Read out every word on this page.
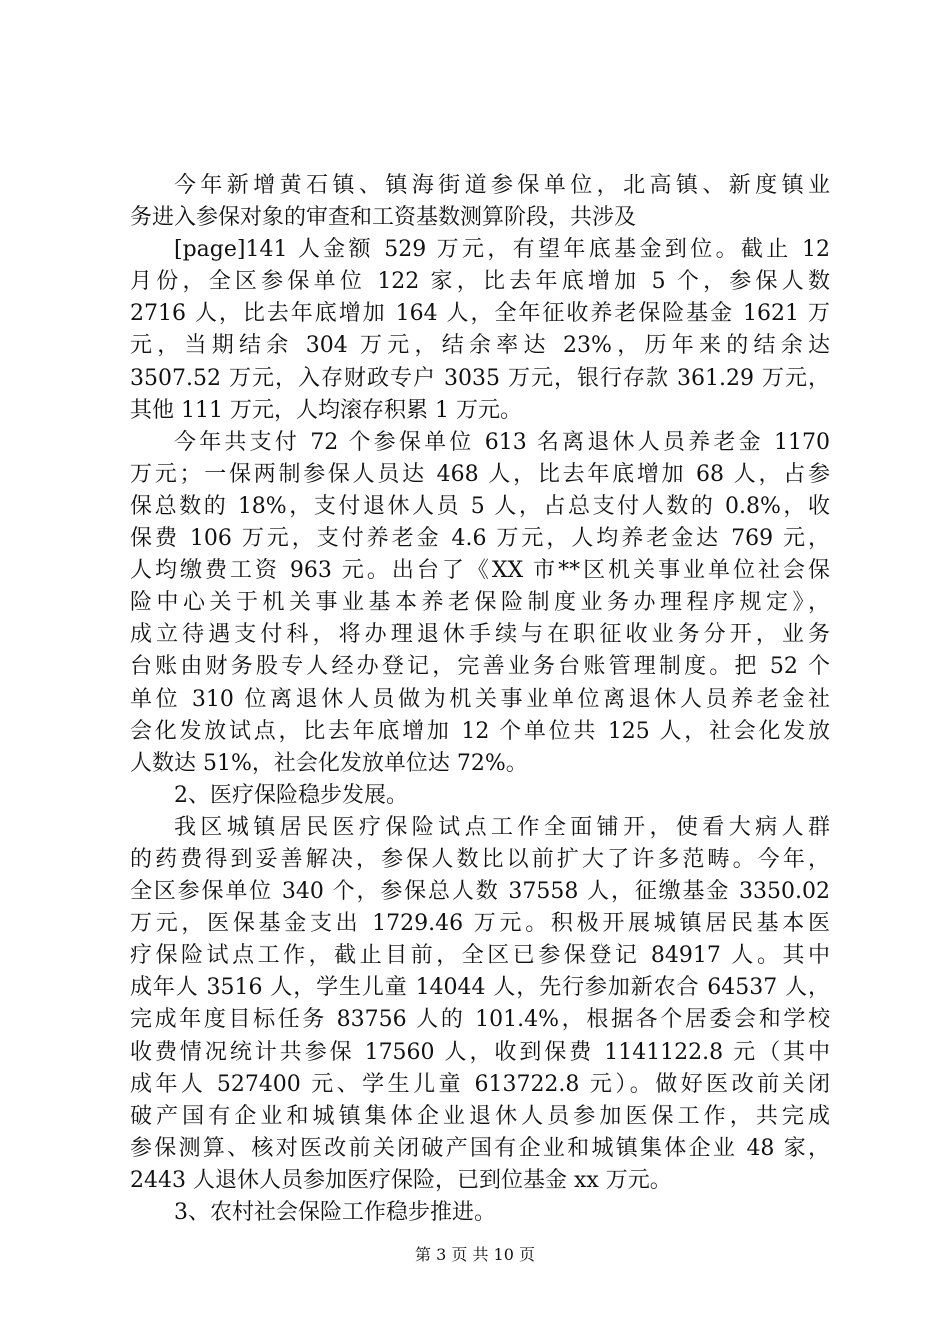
今年新增黄石镇、镇海街道参保单位，北高镇、新度镇业
务进入参保对象的审查和工资基数测算阶段，共涉及
[page]141 人金额 529 万元，有望年底基金到位。截止 12
月份，全区参保单位 122 家，比去年底增加 5 个，参保人数
2716 人，比去年底增加 164 人，全年征收养老保险基金 1621 万
元，当期结余 304 万元，结余率达 23%，历年来的结余达
3507.52 万元，入存财政专户 3035 万元，银行存款 361.29 万元，
其他 111 万元，人均滚存积累 1 万元。
今年共支付 72 个参保单位 613 名离退休人员养老金 1170
万元；一保两制参保人员达 468 人，比去年底增加 68 人，占参
保总数的 18%，支付退休人员 5 人，占总支付人数的 0.8%，收
保费 106 万元，支付养老金 4.6 万元，人均养老金达 769 元，
人均缴费工资 963 元。出台了《XX 市**区机关事业单位社会保
险中心关于机关事业基本养老保险制度业务办理程序规定》，
成立待遇支付科，将办理退休手续与在职征收业务分开，业务
台账由财务股专人经办登记，完善业务台账管理制度。把 52 个
单位 310 位离退休人员做为机关事业单位离退休人员养老金社
会化发放试点，比去年底增加 12 个单位共 125 人，社会化发放
人数达 51%，社会化发放单位达 72%。
2、医疗保险稳步发展。
我区城镇居民医疗保险试点工作全面铺开，使看大病人群
的药费得到妥善解决，参保人数比以前扩大了许多范畴。今年，
全区参保单位 340 个，参保总人数 37558 人，征缴基金 3350.02
万元，医保基金支出 1729.46 万元。积极开展城镇居民基本医
疗保险试点工作，截止目前，全区已参保登记 84917 人。其中
成年人 3516 人，学生儿童 14044 人，先行参加新农合 64537 人，
完成年度目标任务 83756 人的 101.4%，根据各个居委会和学校
收费情况统计共参保 17560 人，收到保费 1141122.8 元（其中
成年人 527400 元、学生儿童 613722.8 元）。做好医改前关闭
破产国有企业和城镇集体企业退休人员参加医保工作，共完成
参保测算、核对医改前关闭破产国有企业和城镇集体企业 48 家，
2443 人退休人员参加医疗保险，已到位基金 xx 万元。
3、农村社会保险工作稳步推进。
第 3 页 共 10 页
